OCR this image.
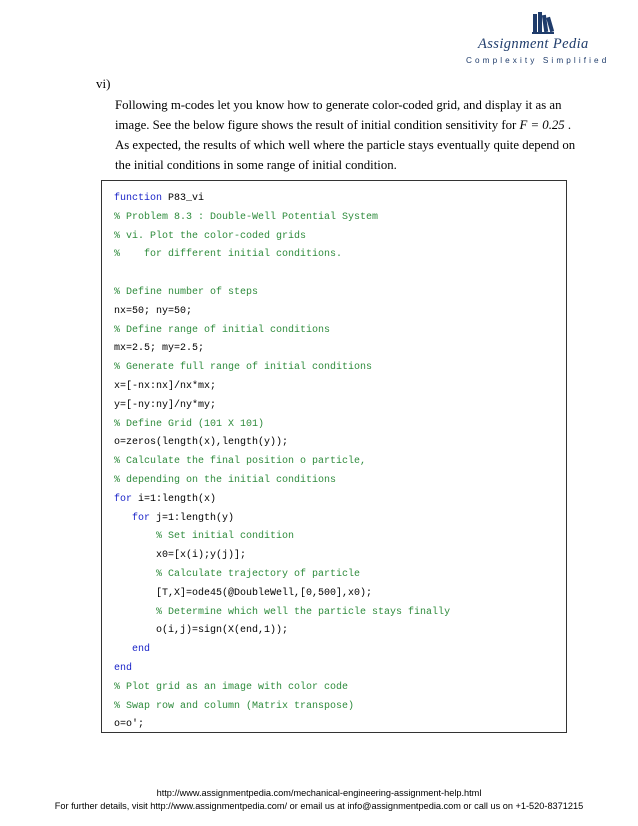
Assignment Pedia
Complexity Simplified
vi)
Following m-codes let you know how to generate color-coded grid, and display it as an
image. See the below figure shows the result of initial condition sensitivity for F = 0.25 .
As expected, the results of which well where the particle stays eventually quite depend on
the initial conditions in some range of initial condition.
function P83_vi
% Problem 8.3 : Double-Well Potential System
% vi. Plot the color-coded grids
%    for different initial conditions.

% Define number of steps
nx=50; ny=50;
% Define range of initial conditions
mx=2.5; my=2.5;
% Generate full range of initial conditions
x=[-nx:nx]/nx*mx;
y=[-ny:ny]/ny*my;
% Define Grid (101 X 101)
o=zeros(length(x),length(y));
% Calculate the final position o particle,
% depending on the initial conditions
for i=1:length(x)
for j=1:length(y)
% Set initial condition
x0=[x(i);y(j)];
% Calculate trajectory of particle
[T,X]=ode45(@DoubleWell,[0,500],x0);
% Determine which well the particle stays finally
o(i,j)=sign(X(end,1));
end
end
% Plot grid as an image with color code
% Swap row and column (Matrix transpose)
o=o';
http://www.assignmentpedia.com/mechanical-engineering-assignment-help.html
For further details, visit http://www.assignmentpedia.com/ or email us at info@assignmentpedia.com or call us on +1-520-8371215
